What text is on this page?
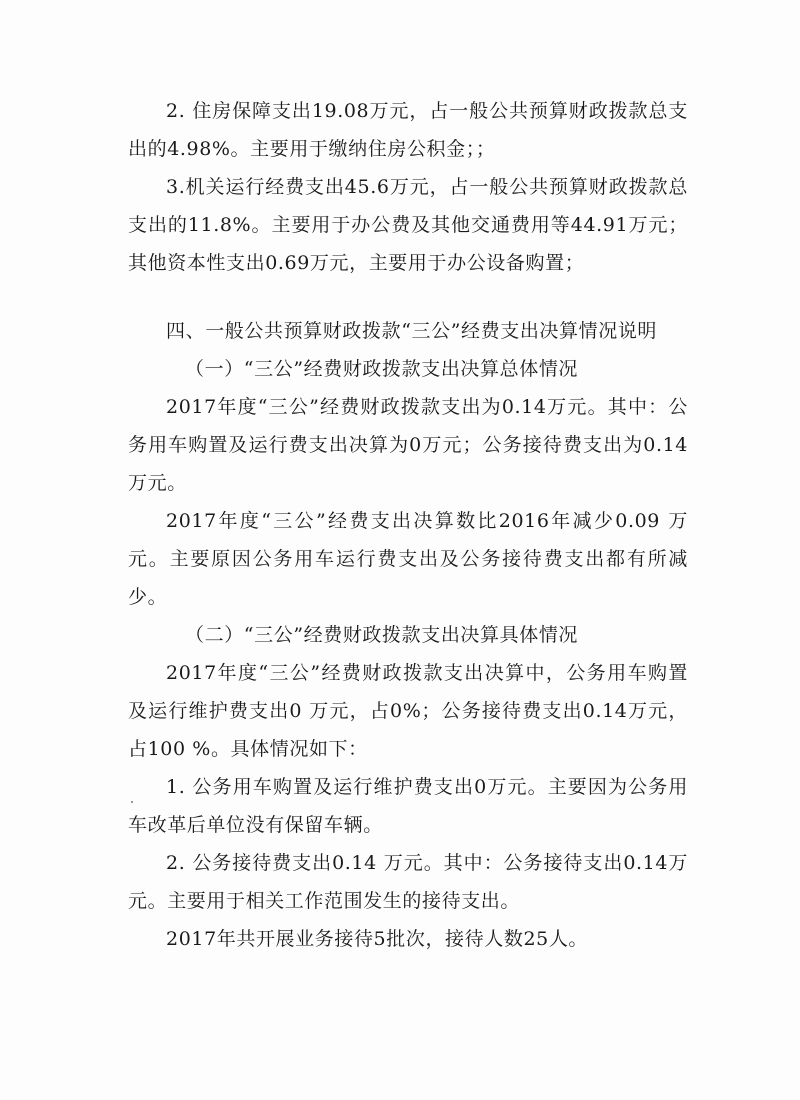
2. 住房保障支出19.08万元，占一般公共预算财政拨款总支出的4.98%。主要用于缴纳住房公积金；；

3.机关运行经费支出45.6万元，占一般公共预算财政拨款总支出的11.8%。主要用于办公费及其他交通费用等44.91万元；其他资本性支出0.69万元，主要用于办公设备购置；

四、一般公共预算财政拨款“三公”经费支出决算情况说明

（一）“三公”经费财政拨款支出决算总体情况

2017年度“三公”经费财政拨款支出为0.14万元。其中：公务用车购置及运行费支出决算为0万元；公务接待费支出为0.14万元。

2017年度“三公”经费支出决算数比2016年减少0.09 万元。主要原因公务用车运行费支出及公务接待费支出都有所减少。

（二）“三公”经费财政拨款支出决算具体情况

2017年度“三公”经费财政拨款支出决算中，公务用车购置及运行维护费支出0 万元，占0%；公务接待费支出0.14万元，占100 %。具体情况如下：

1. 公务用车购置及运行维护费支出0万元。主要因为公务用车改革后单位没有保留车辆。

2. 公务接待费支出0.14 万元。其中：公务接待支出0.14万元。主要用于相关工作范围发生的接待支出。

2017年共开展业务接待5批次，接待人数25人。
